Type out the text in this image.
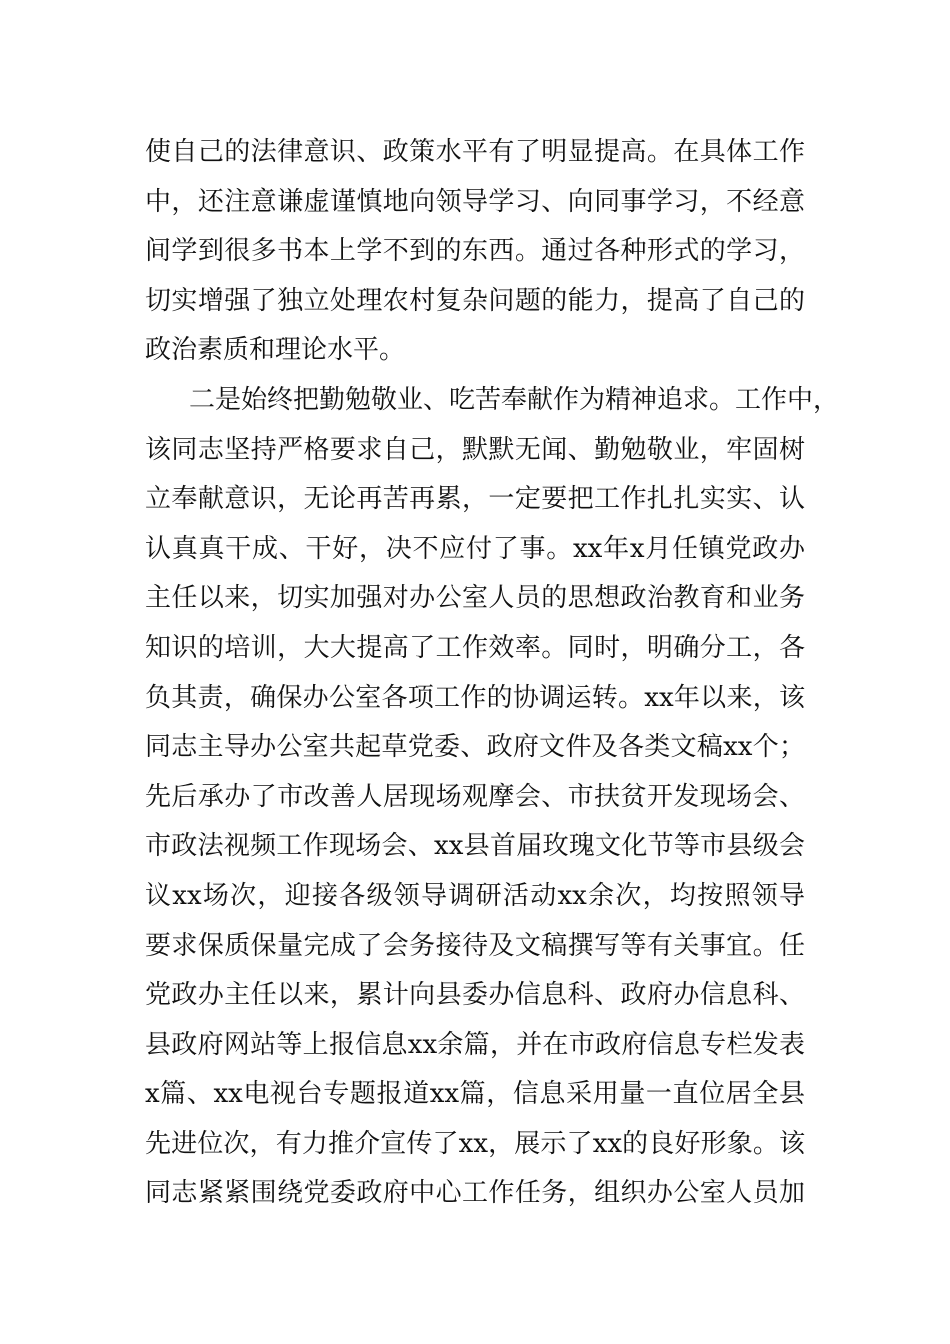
使自己的法律意识、政策水平有了明显提高。在具体工作
中，还注意谦虚谨慎地向领导学习、向同事学习，不经意
间学到很多书本上学不到的东西。通过各种形式的学习，
切实增强了独立处理农村复杂问题的能力，提高了自己的
政治素质和理论水平。
二是始终把勤勉敬业、吃苦奉献作为精神追求。工作中，
该同志坚持严格要求自己，默默无闻、勤勉敬业，牢固树
立奉献意识，无论再苦再累，一定要把工作扎扎实实、认
认真真干成、干好，决不应付了事。xx年x月任镇党政办
主任以来，切实加强对办公室人员的思想政治教育和业务
知识的培训，大大提高了工作效率。同时，明确分工，各
负其责，确保办公室各项工作的协调运转。xx年以来，该
同志主导办公室共起草党委、政府文件及各类文稿xx个；
先后承办了市改善人居现场观摩会、市扶贫开发现场会、
市政法视频工作现场会、xx县首届玫瑰文化节等市县级会
议xx场次，迎接各级领导调研活动xx余次，均按照领导
要求保质保量完成了会务接待及文稿撰写等有关事宜。任
党政办主任以来，累计向县委办信息科、政府办信息科、
县政府网站等上报信息xx余篇，并在市政府信息专栏发表
x篇、xx电视台专题报道xx篇，信息采用量一直位居全县
先进位次，有力推介宣传了xx，展示了xx的良好形象。该
同志紧紧围绕党委政府中心工作任务，组织办公室人员加
